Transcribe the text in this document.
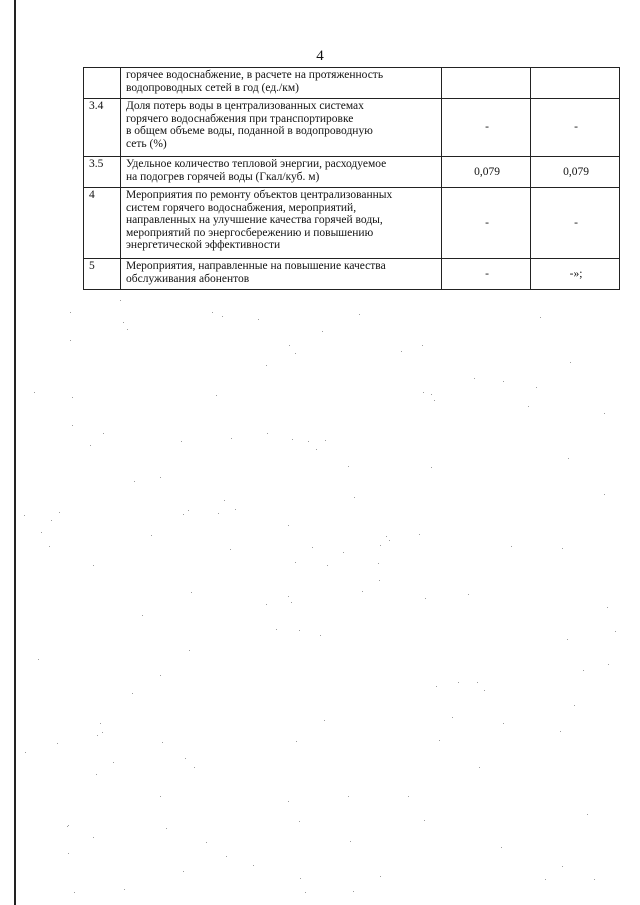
4
	горячее водоснабжение, в расчете на протяженность
водопроводных сетей в год (ед./км)		
3.4	Доля потерь воды в централизованных системах
горячего водоснабжения при транспортировке
в общем объеме воды, поданной в водопроводную
сеть (%)	-	-
3.5	Удельное количество тепловой энергии, расходуемое
на подогрев горячей воды (Гкал/куб. м)	0,079	0,079
4	Мероприятия по ремонту объектов централизованных
систем горячего водоснабжения, мероприятий,
направленных на улучшение качества горячей воды,
мероприятий по энергосбережению и повышению
энергетической эффективности	-	-
5	Мероприятия, направленные на повышение качества
обслуживания абонентов	-	-»;
